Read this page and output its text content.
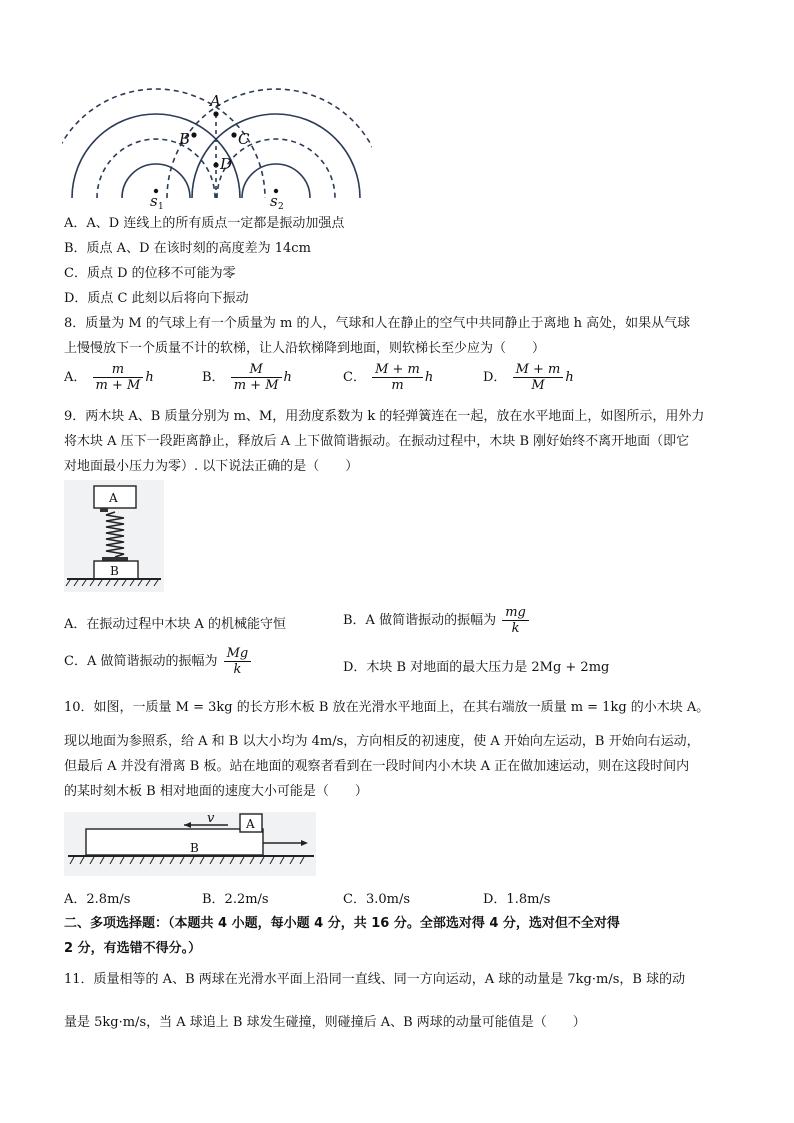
A
B	C
D
s	s
1	2
A．A、D 连线上的所有质点一定都是振动加强点
B．质点 A、D 在该时刻的高度差为 14cm
C．质点 D 的位移不可能为零
D．质点 C 此刻以后将向下振动
8．质量为 M 的气球上有一个质量为 m 的人，气球和人在静止的空气中共同静止于离地 h 高处，如果从气球
上慢慢放下一个质量不计的软梯，让人沿软梯降到地面，则软梯长至少应为（　　）
A． $\frac{m}{m + M}$ h	B． $\frac{M}{m + M}$ h	C． $\frac{M + m}{m}$ h	D． $\frac{M + m}{M}$ h
9．两木块 A、B 质量分别为 m、M，用劲度系数为 k 的轻弹簧连在一起，放在水平地面上，如图所示，用外力
将木块 A 压下一段距离静止，释放后 A 上下做简谐振动。在振动过程中，木块 B 刚好始终不离开地面（即它
对地面最小压力为零）. 以下说法正确的是（　　）
A
B
A．在振动过程中木块 A 的机械能守恒	B．A 做简谐振动的振幅为 $\frac{mg}{k}$
C．A 做简谐振动的振幅为 $\frac{Mg}{k}$	D．木块 B 对地面的最大压力是 2Mg + 2mg
10．如图，一质量 M = 3kg 的长方形木板 B 放在光滑水平地面上，在其右端放一质量 m = 1kg 的小木块 A。
现以地面为参照系，给 A 和 B 以大小均为 4m/s，方向相反的初速度，使 A 开始向左运动，B 开始向右运动，
但最后 A 并没有滑离 B 板。站在地面的观察者看到在一段时间内小木块 A 正在做加速运动，则在这段时间内
的某时刻木板 B 相对地面的速度大小可能是（　　）
v	A
B
A．2.8m/s	B．2.2m/s	C．3.0m/s	D．1.8m/s
二、多项选择题：（本题共 4 小题，每小题 4 分，共 16 分。全部选对得 4 分，选对但不全对得
2 分，有选错不得分。）
11．质量相等的 A、B 两球在光滑水平面上沿同一直线、同一方向运动，A 球的动量是 7kg·m/s，B 球的动
量是 5kg·m/s，当 A 球追上 B 球发生碰撞，则碰撞后 A、B 两球的动量可能值是（　　）
